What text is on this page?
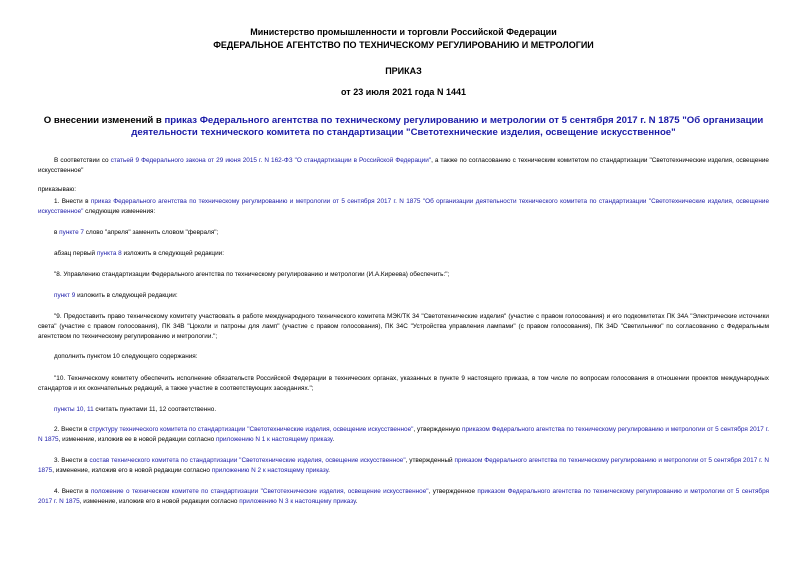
Министерство промышленности и торговли Российской Федерации
ФЕДЕРАЛЬНОЕ АГЕНТСТВО ПО ТЕХНИЧЕСКОМУ РЕГУЛИРОВАНИЮ И МЕТРОЛОГИИ
ПРИКАЗ
от 23 июля 2021 года N 1441
О внесении изменений в приказ Федерального агентства по техническому регулированию и метрологии от 5 сентября 2017 г. N 1875 "Об организации деятельности технического комитета по стандартизации "Светотехнические изделия, освещение искусственное"
В соответствии со статьей 9 Федерального закона от 29 июня 2015 г. N 162-ФЗ "О стандартизации в Российской Федерации", а также по согласованию с техническим комитетом по стандартизации "Светотехнические изделия, освещение искусственное"
приказываю:
1. Внести в приказ Федерального агентства по техническому регулированию и метрологии от 5 сентября 2017 г. N 1875 "Об организации деятельности технического комитета по стандартизации "Светотехнические изделия, освещение искусственное" следующие изменения:
в пункте 7 слово "апреля" заменить словом "февраля";
абзац первый пункта 8 изложить в следующей редакции:
"8. Управлению стандартизации Федерального агентства по техническому регулированию и метрологии (И.А.Киреева) обеспечить:";
пункт 9 изложить в следующей редакции:
"9. Предоставить право техническому комитету участвовать в работе международного технического комитета МЭК/ТК 34 "Светотехнические изделия" (участие с правом голосования) и его подкомитетах ПК 34A "Электрические источники света" (участие с правом голосования), ПК 34B "Цоколи и патроны для ламп" (участие с правом голосования), ПК 34C "Устройства управления лампами" (с правом голосования), ПК 34D "Светильники" по согласованию с Федеральным агентством по техническому регулированию и метрологии.";
дополнить пунктом 10 следующего содержания:
"10. Техническому комитету обеспечить исполнение обязательств Российской Федерации в технических органах, указанных в пункте 9 настоящего приказа, в том числе по вопросам голосования в отношении проектов международных стандартов и их окончательных редакций, а также участие в соответствующих заседаниях.";
пункты 10, 11 считать пунктами 11, 12 соответственно.
2. Внести в структуру технического комитета по стандартизации "Светотехнические изделия, освещение искусственное", утвержденную приказом Федерального агентства по техническому регулированию и метрологии от 5 сентября 2017 г. N 1875, изменение, изложив ее в новой редакции согласно приложению N 1 к настоящему приказу.
3. Внести в состав технического комитета по стандартизации "Светотехнические изделия, освещение искусственное", утвержденный приказом Федерального агентства по техническому регулированию и метрологии от 5 сентября 2017 г. N 1875, изменение, изложив его в новой редакции согласно приложению N 2 к настоящему приказу.
4. Внести в положение о техническом комитете по стандартизации "Светотехнические изделия, освещение искусственное", утвержденное приказом Федерального агентства по техническому регулированию и метрологии от 5 сентября 2017 г. N 1875, изменение, изложив его в новой редакции согласно приложению N 3 к настоящему приказу.
